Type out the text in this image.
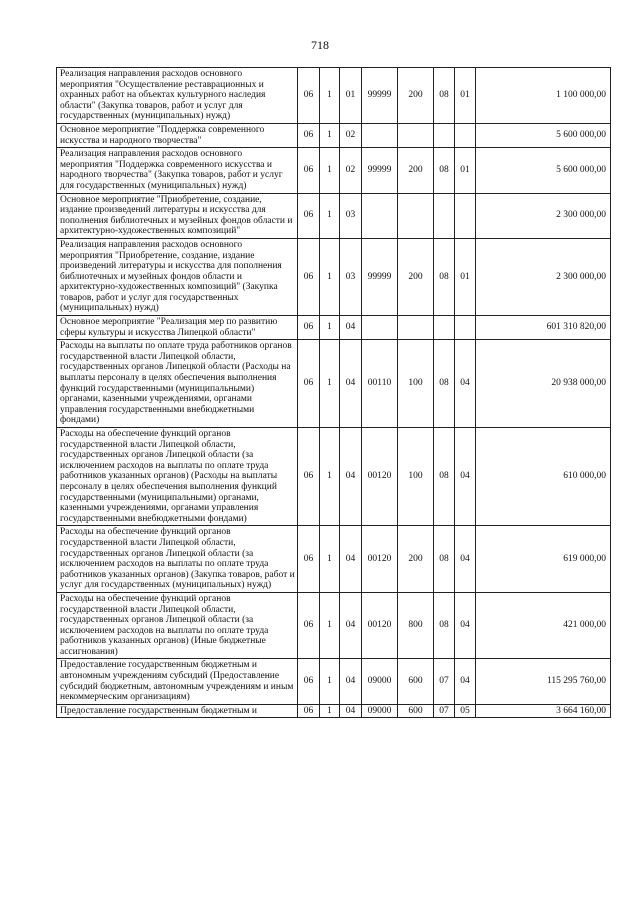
718
Реализация направления расходов основного мероприятия "Осуществление реставрационных и охранных работ на объектах культурного наследия области" (Закупка товаров, работ и услуг для государственных (муниципальных) нужд)	06	1	01	99999	200	08	01	1 100 000,00
Основное мероприятие "Поддержка современного искусства и народного творчества"	06	1	02					5 600 000,00
Реализация направления расходов основного мероприятия "Поддержка современного искусства и народного творчества" (Закупка товаров, работ и услуг для государственных (муниципальных) нужд)	06	1	02	99999	200	08	01	5 600 000,00
Основное мероприятие "Приобретение, создание, издание произведений литературы и искусства для пополнения библиотечных и музейных фондов области и архитектурно-художественных композиций"	06	1	03					2 300 000,00
Реализация направления расходов основного мероприятия "Приобретение, создание, издание произведений литературы и искусства для пополнения библиотечных и музейных фондов области и архитектурно-художественных композиций" (Закупка товаров, работ и услуг для государственных (муниципальных) нужд)	06	1	03	99999	200	08	01	2 300 000,00
Основное мероприятие "Реализация мер по развитию сферы культуры и искусства Липецкой области"	06	1	04					601 310 820,00
Расходы на выплаты по оплате труда работников органов государственной власти Липецкой области, государственных органов Липецкой области (Расходы на выплаты персоналу в целях обеспечения выполнения функций государственными (муниципальными) органами, казенными учреждениями, органами управления государственными внебюджетными фондами)	06	1	04	00110	100	08	04	20 938 000,00
Расходы на обеспечение функций органов государственной власти Липецкой области, государственных органов Липецкой области (за исключением расходов на выплаты по оплате труда работников указанных органов) (Расходы на выплаты персоналу в целях обеспечения выполнения функций государственными (муниципальными) органами, казенными учреждениями, органами управления государственными внебюджетными фондами)	06	1	04	00120	100	08	04	610 000,00
Расходы на обеспечение функций органов государственной власти Липецкой области, государственных органов Липецкой области (за исключением расходов на выплаты по оплате труда работников указанных органов) (Закупка товаров, работ и услуг для государственных (муниципальных) нужд)	06	1	04	00120	200	08	04	619 000,00
Расходы на обеспечение функций органов государственной власти Липецкой области, государственных органов Липецкой области (за исключением расходов на выплаты по оплате труда работников указанных органов) (Иные бюджетные ассигнования)	06	1	04	00120	800	08	04	421 000,00
Предоставление государственным бюджетным и автономным учреждениям субсидий (Предоставление субсидий бюджетным, автономным учреждениям и иным некоммерческим организациям)	06	1	04	09000	600	07	04	115 295 760,00
Предоставление государственным бюджетным и	06	1	04	09000	600	07	05	3 664 160,00
